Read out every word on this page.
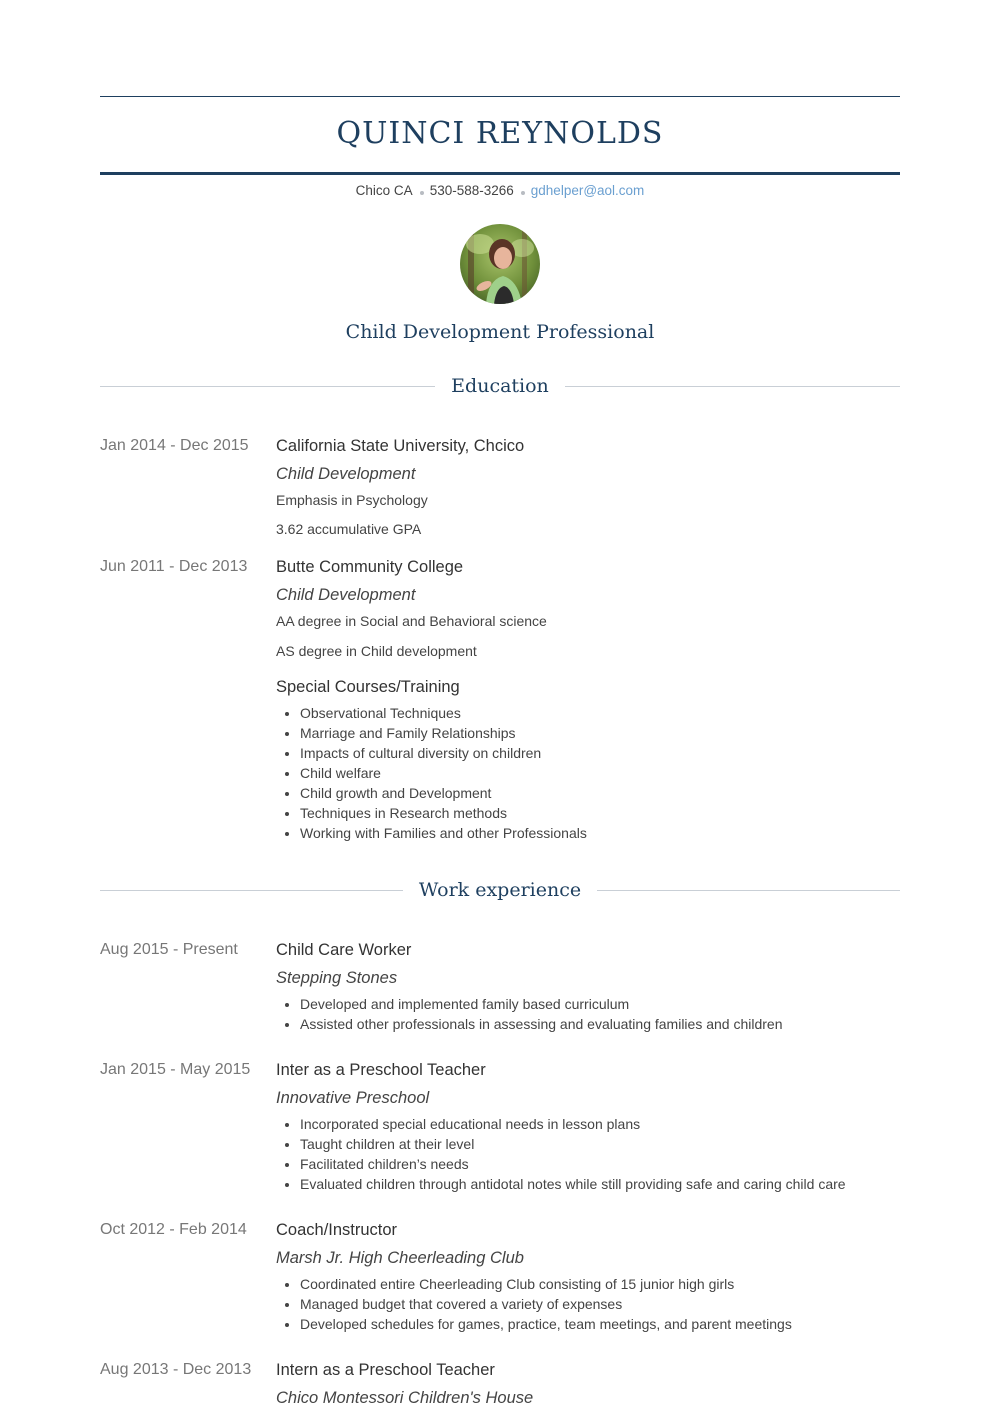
QUINCI REYNOLDS
Chico CA 530-588-3266 gdhelper@aol.com
Child Development Professional
Education
Jan 2014 - Dec 2015	California State University, Chcico

Child Development

Emphasis in Psychology

3.62 accumulative GPA

Jun 2011 - Dec 2013	Butte Community College

Child Development

AA degree in Social and Behavioral science

AS degree in Child development

Special Courses/Training

• Observational Techniques
• Marriage and Family Relationships
• Impacts of cultural diversity on children
• Child welfare
• Child growth and Development
• Techniques in Research methods
• Working with Families and other Professionals
Work experience
Aug 2015 - Present	Child Care Worker

Stepping Stones

• Developed and implemented family based curriculum
• Assisted other professionals in assessing and evaluating families and children
Jan 2015 - May 2015	Inter as a Preschool Teacher

Innovative Preschool

• Incorporated special educational needs in lesson plans
• Taught children at their level
• Facilitated children’s needs
• Evaluated children through antidotal notes while still providing safe and caring child care
Oct 2012 - Feb 2014	Coach/Instructor

Marsh Jr. High Cheerleading Club

• Coordinated entire Cheerleading Club consisting of 15 junior high girls
• Managed budget that covered a variety of expenses
• Developed schedules for games, practice, team meetings, and parent meetings
Aug 2013 - Dec 2013	Intern as a Preschool Teacher

Chico Montessori Children's House
